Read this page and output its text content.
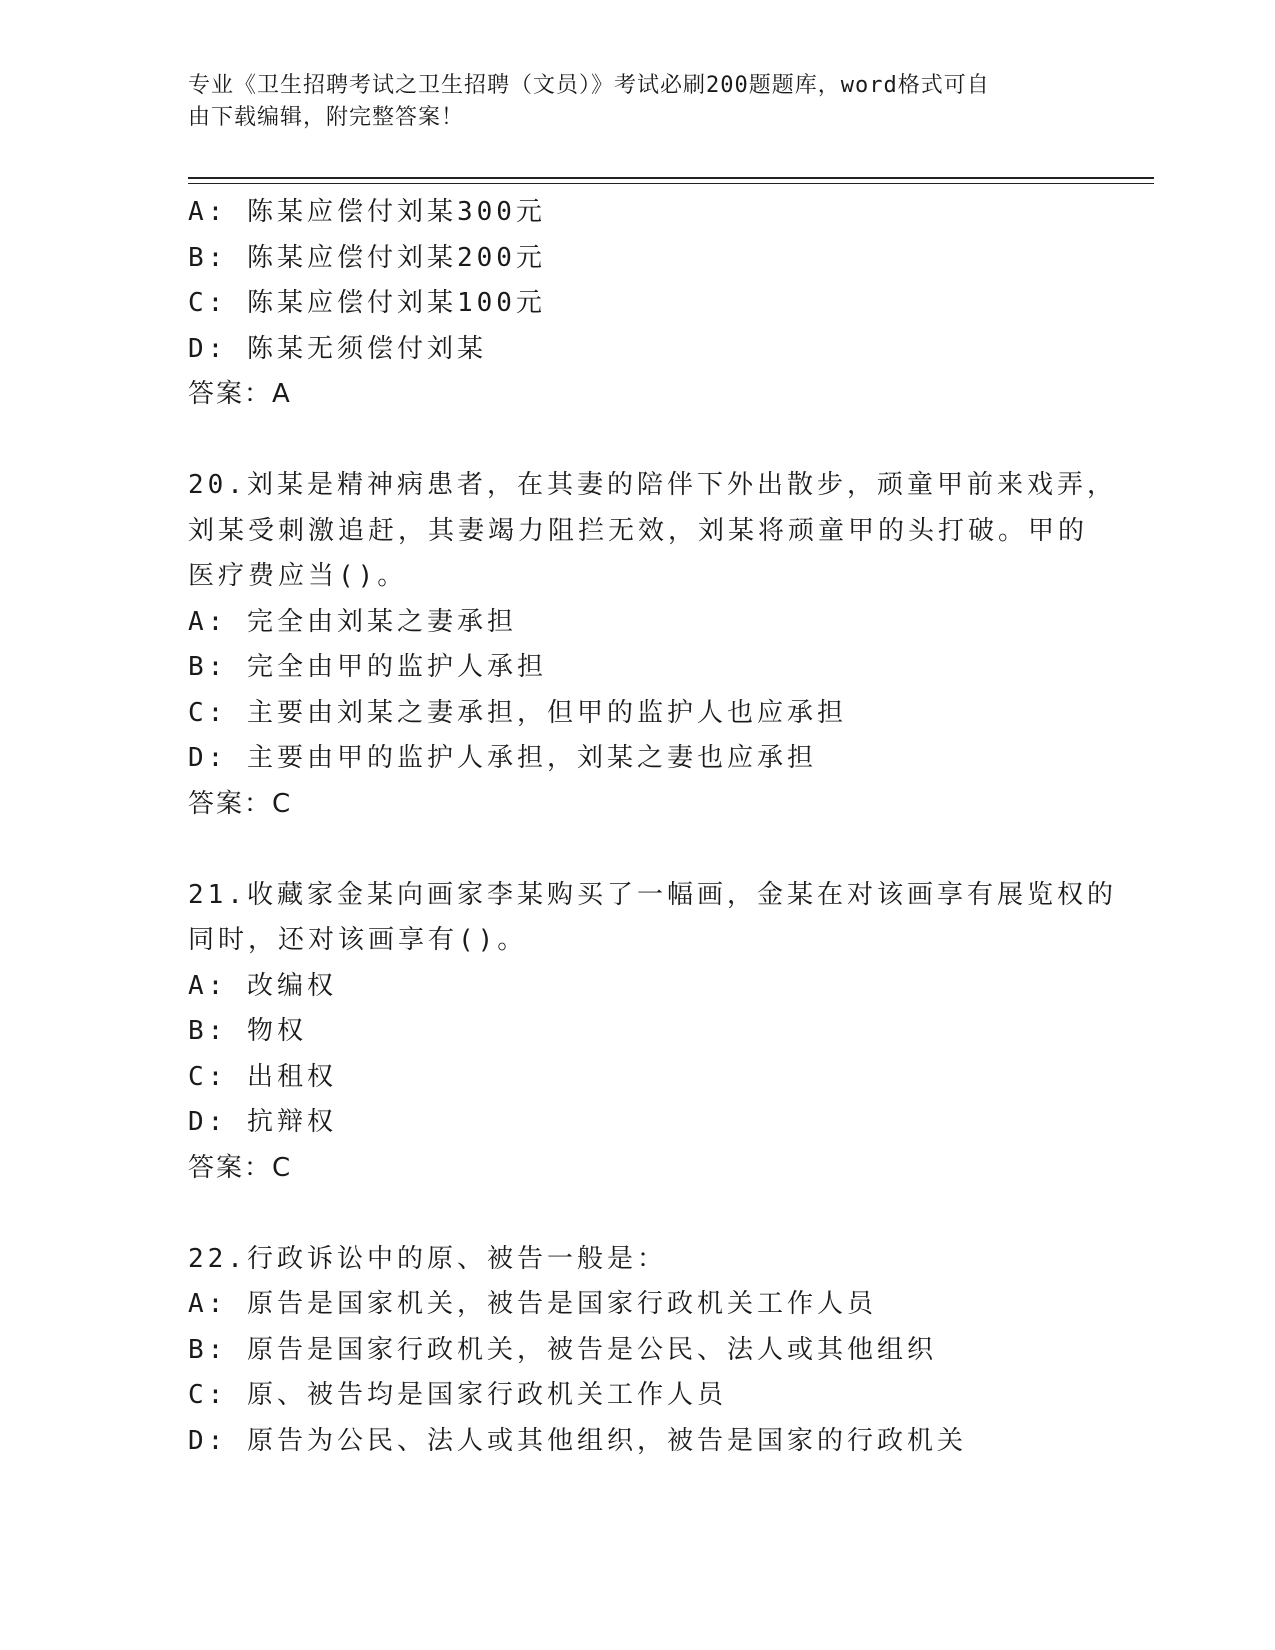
专业《卫生招聘考试之卫生招聘（文员）》考试必刷200题题库，word格式可自
由下载编辑，附完整答案！
A: 陈某应偿付刘某300元
B: 陈某应偿付刘某200元
C: 陈某应偿付刘某100元
D: 陈某无须偿付刘某
答案：A
20.刘某是精神病患者，在其妻的陪伴下外出散步，顽童甲前来戏弄，
刘某受刺激追赶，其妻竭力阻拦无效，刘某将顽童甲的头打破。甲的
医疗费应当()。
A: 完全由刘某之妻承担
B: 完全由甲的监护人承担
C: 主要由刘某之妻承担，但甲的监护人也应承担
D: 主要由甲的监护人承担，刘某之妻也应承担
答案：C
21.收藏家金某向画家李某购买了一幅画，金某在对该画享有展览权的
同时，还对该画享有()。
A: 改编权
B: 物权
C: 出租权
D: 抗辩权
答案：C
22.行政诉讼中的原、被告一般是：
A: 原告是国家机关，被告是国家行政机关工作人员
B: 原告是国家行政机关，被告是公民、法人或其他组织
C: 原、被告均是国家行政机关工作人员
D: 原告为公民、法人或其他组织，被告是国家的行政机关
